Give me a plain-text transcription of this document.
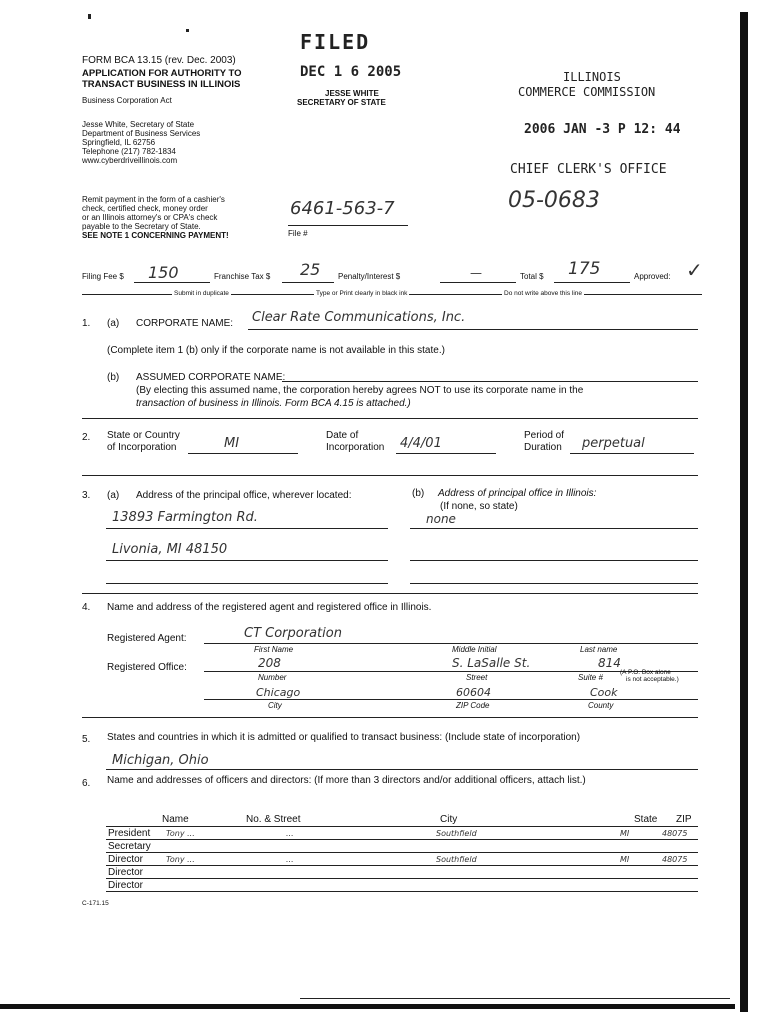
FORM BCA 13.15 (rev. Dec. 2003)
APPLICATION FOR AUTHORITY TO
TRANSACT BUSINESS IN ILLINOIS
Business Corporation Act
Jesse White, Secretary of State
Department of Business Services
Springfield, IL 62756
Telephone (217) 782-1834
www.cyberdriveillinois.com
Remit payment in the form of a cashier's
check, certified check, money order
or an Illinois attorney's or CPA's check
payable to the Secretary of State.
SEE NOTE 1 CONCERNING PAYMENT!
FILED
DEC 1 6 2005
JESSE WHITE
SECRETARY OF STATE
ILLINOIS
COMMERCE COMMISSION
2006 JAN -3 P 12: 44
CHIEF CLERK'S OFFICE
05-0683
6461-563-7
File #
Filing Fee $ 150	Franchise Tax $ 25 Penalty/Interest $	—	Total $ 175	Approved: ✓
Submit in duplicate	Type or Print clearly in black ink	Do not write above this line
1. (a) CORPORATE NAME: Clear Rate Communications, Inc.
(Complete item 1 (b) only if the corporate name is not available in this state.)
(b) ASSUMED CORPORATE NAME:
(By electing this assumed name, the corporation hereby agrees NOT to use its corporate name in the
transaction of business in Illinois. Form BCA 4.15 is attached.)
2. State or Country
of Incorporation	MI
Date of
Incorporation 4/4/01
Period of
Duration perpetual
3. (a) Address of the principal office, wherever located:	(b) Address of principal office in Illinois:
(If none, so state)
13893 Farmington Rd.	none
Livonia, MI 48150
4. Name and address of the registered agent and registered office in Illinois.
Registered Agent:	CT Corporation
First Name	Middle Initial	Last name
Registered Office:	208	S. LaSalle St.	814
Number	Street	Suite #
(A P.O. Box alone
is not acceptable.)
Chicago	60604	Cook
City	ZIP Code	County
5. States and countries in which it is admitted or qualified to transact business: (Include state of incorporation)
Michigan, Ohio
6. Name and addresses of officers and directors: (If more than 3 directors and/or additional officers, attach list.)
Name	No. & Street	City	State ZIP
President Tony ...	...	Southfield	MI	48075
Secretary
Director	Tony ...	...	Southfield	MI	48075
Director
Director
C-171.15
